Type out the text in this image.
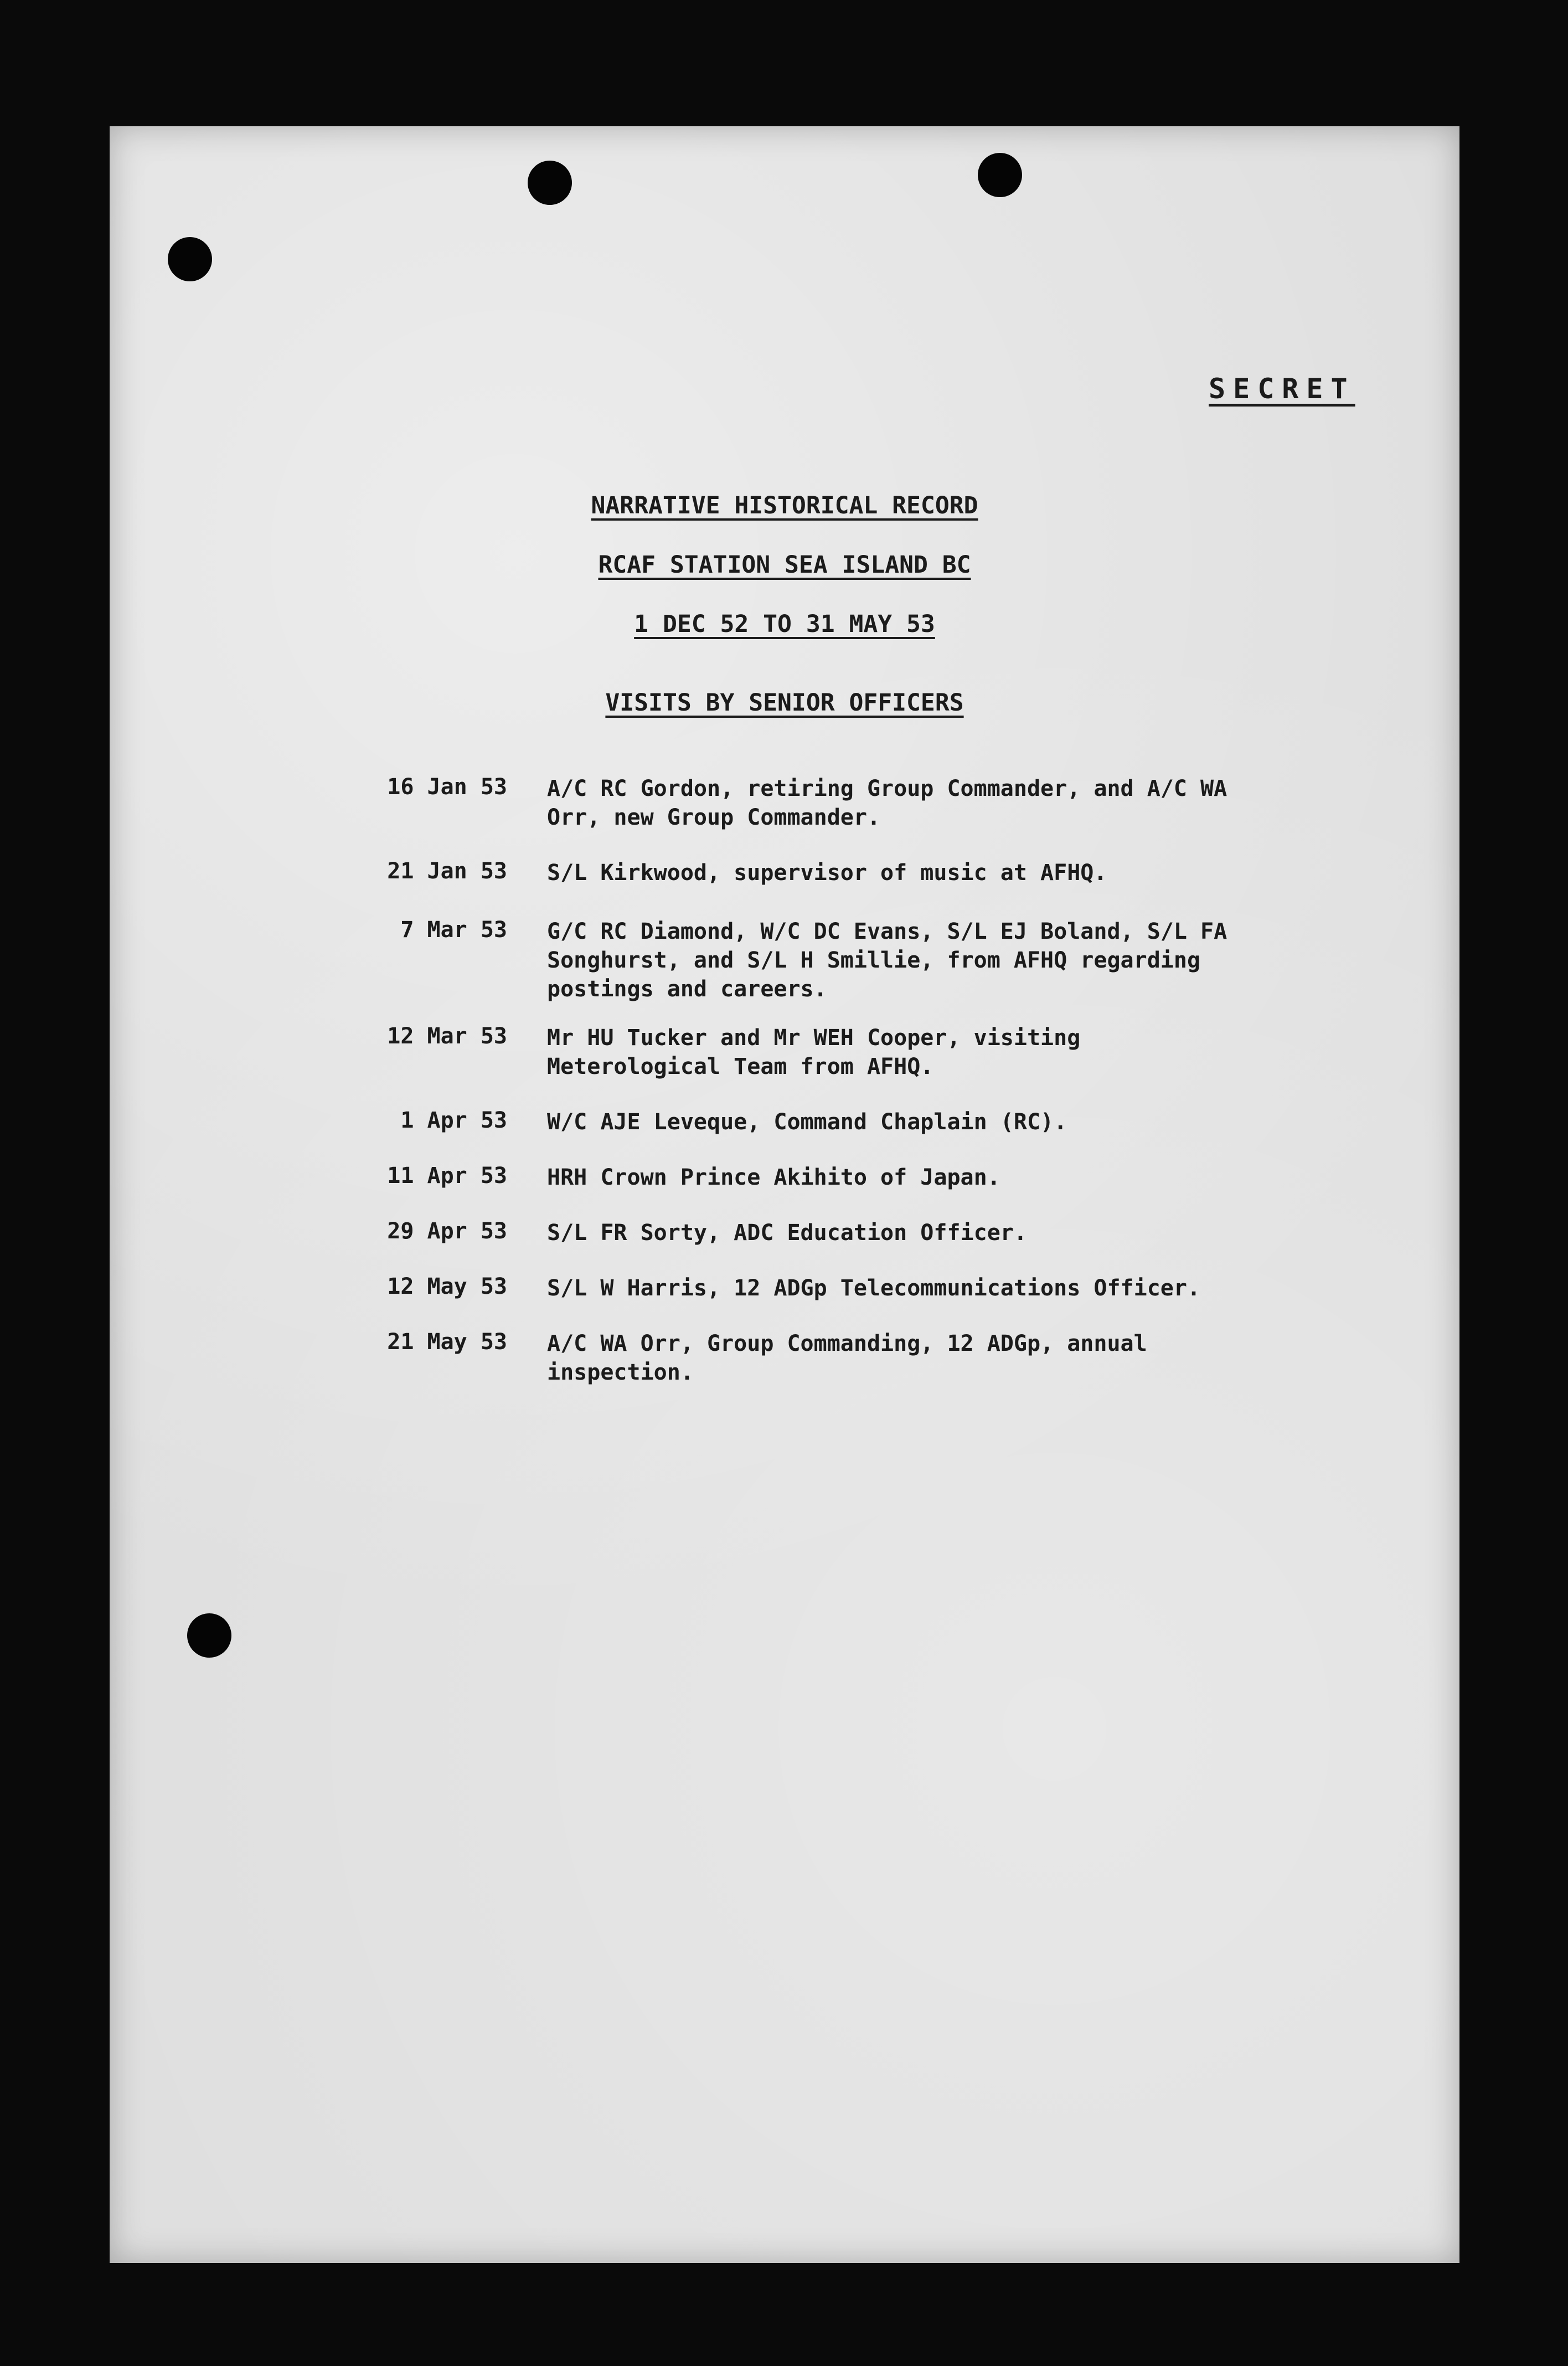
SECRET
NARRATIVE HISTORICAL RECORD
RCAF STATION SEA ISLAND BC
1 DEC 52 TO 31 MAY 53
VISITS BY SENIOR OFFICERS
16 Jan 53 A/C RC Gordon, retiring Group Commander, and A/C WA Orr, new Group Commander.
21 Jan 53 S/L Kirkwood, supervisor of music at AFHQ.
7 Mar 53 G/C RC Diamond, W/C DC Evans, S/L EJ Boland, S/L FA Songhurst, and S/L H Smillie, from AFHQ regarding postings and careers.
12 Mar 53 Mr HU Tucker and Mr WEH Cooper, visiting Meterological Team from AFHQ.
1 Apr 53 W/C AJE Leveque, Command Chaplain (RC).
11 Apr 53 HRH Crown Prince Akihito of Japan.
29 Apr 53 S/L FR Sorty, ADC Education Officer.
12 May 53 S/L W Harris, 12 ADGp Telecommunications Officer.
21 May 53 A/C WA Orr, Group Commanding, 12 ADGp, annual inspection.
